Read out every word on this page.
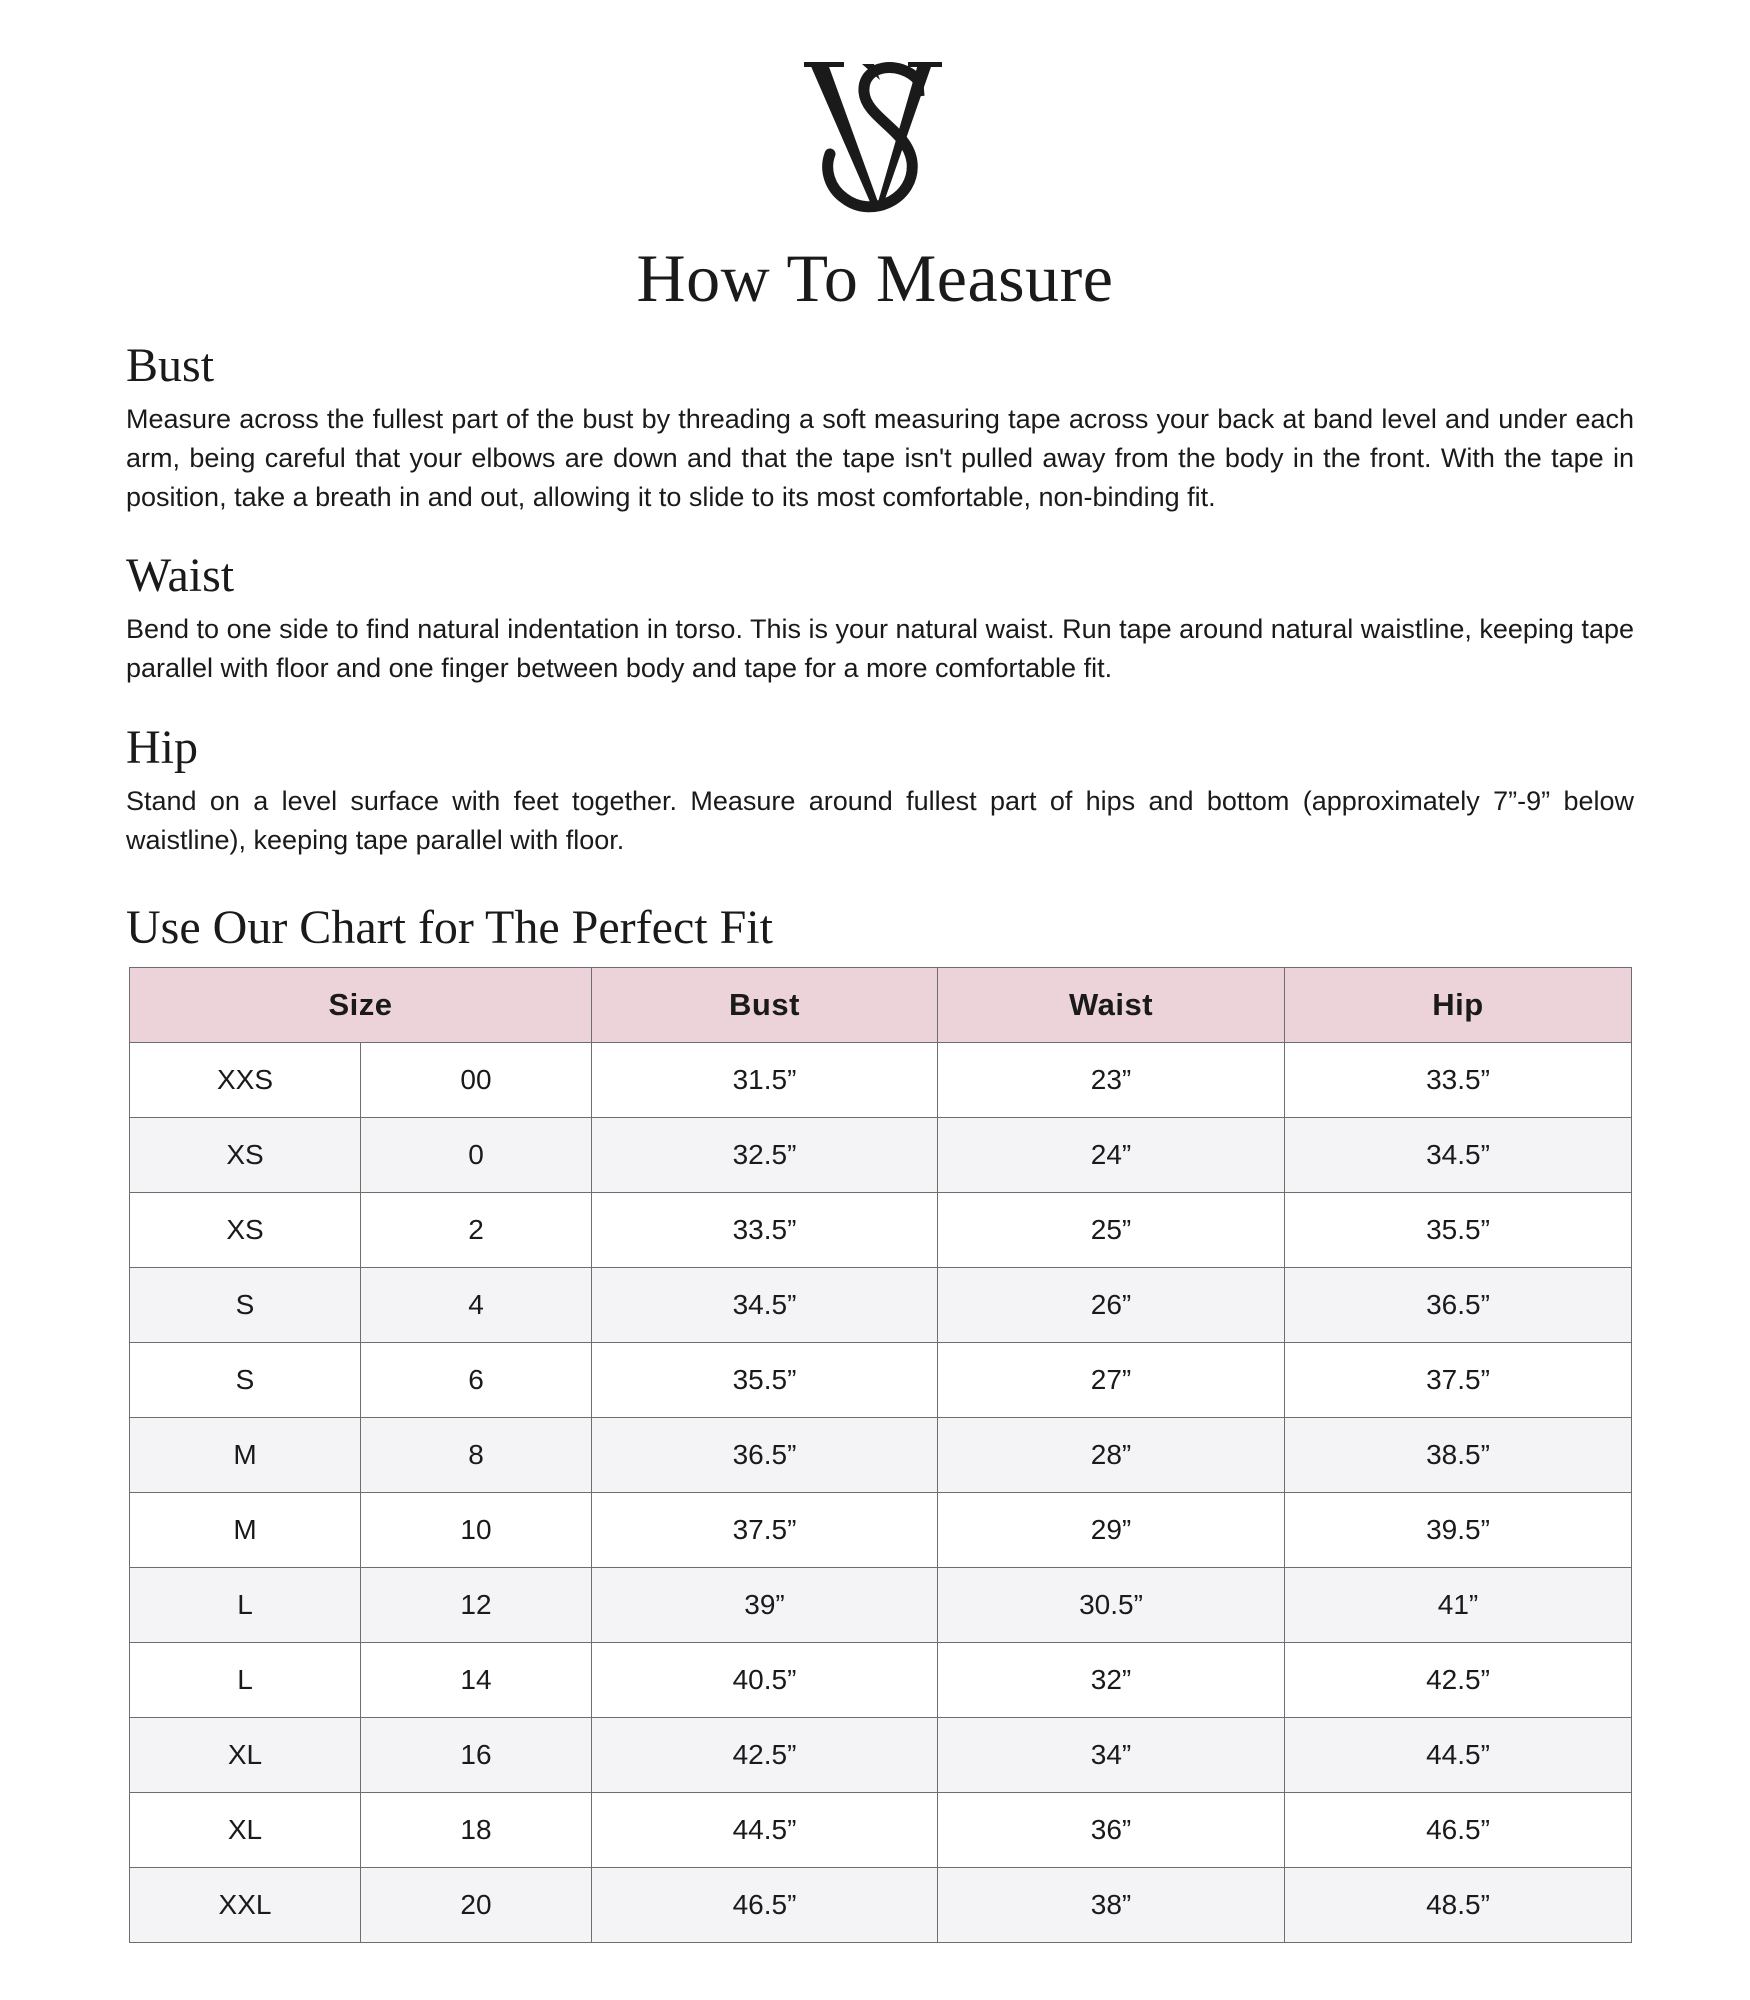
How To Measure
Bust

Measure across the fullest part of the bust by threading a soft measuring tape across your back at band level and under each arm, being careful that your elbows are down and that the tape isn't pulled away from the body in the front. With the tape in position, take a breath in and out, allowing it to slide to its most comfortable, non-binding fit.

Waist

Bend to one side to find natural indentation in torso. This is your natural waist. Run tape around natural waistline, keeping tape parallel with floor and one finger between body and tape for a more comfortable fit.

Hip

Stand on a level surface with feet together. Measure around fullest part of hips and bottom (approximately 7”-9” below waistline), keeping tape parallel with floor.

Use Our Chart for The Perfect Fit
Size		Bust	Waist	Hip
XXS	00	31.5”	23”	33.5”
XS	0	32.5”	24”	34.5”
XS	2	33.5”	25”	35.5”
S	4	34.5”	26”	36.5”
S	6	35.5”	27”	37.5”
M	8	36.5”	28”	38.5”
M	10	37.5”	29”	39.5”
L	12	39”	30.5”	41”
L	14	40.5”	32”	42.5”
XL	16	42.5”	34”	44.5”
XL	18	44.5”	36”	46.5”
XXL	20	46.5”	38”	48.5”
